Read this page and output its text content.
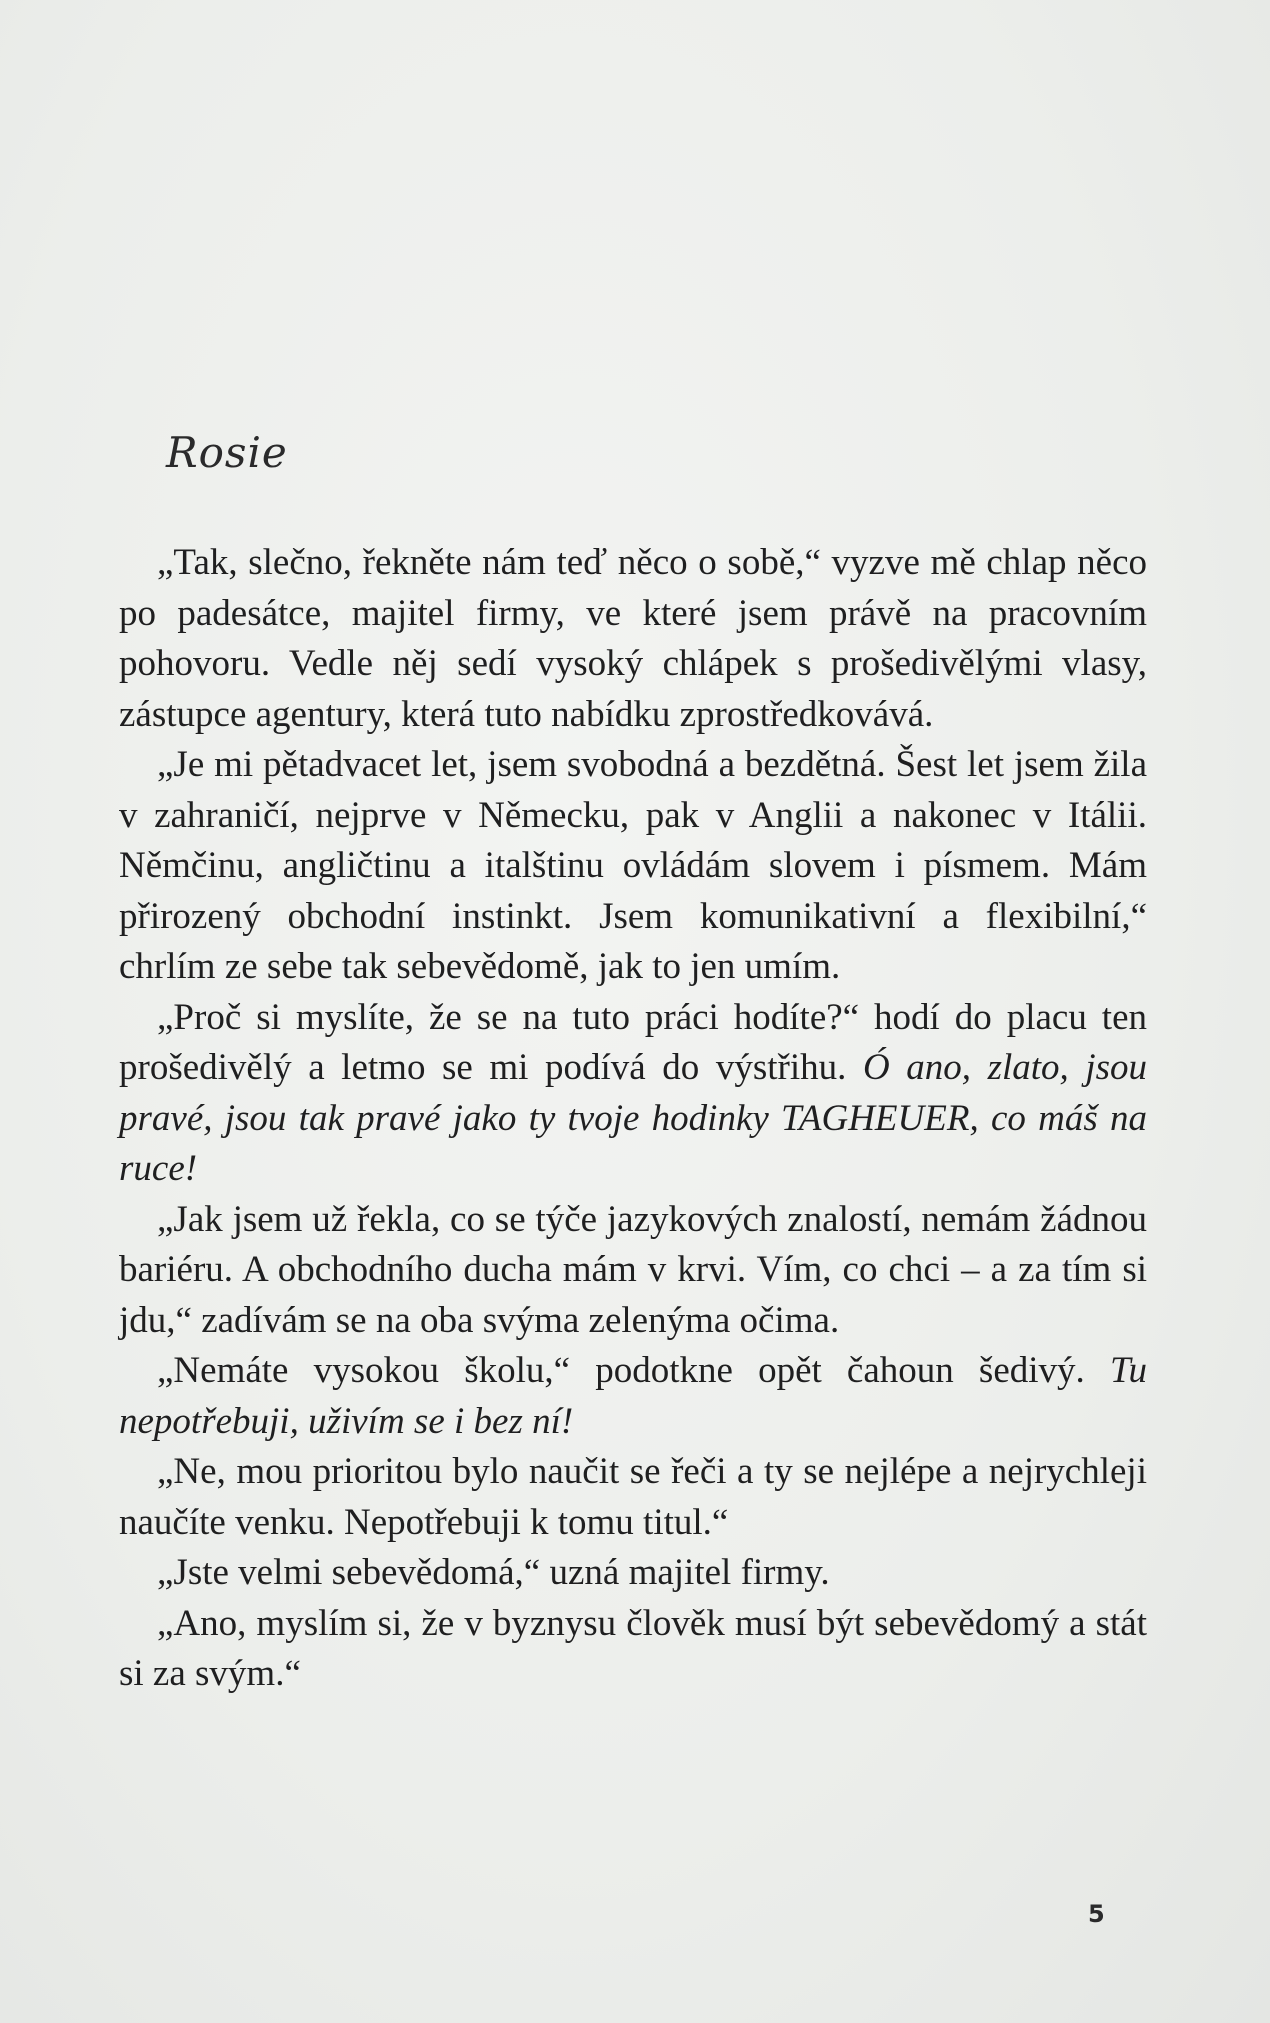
Rosie

„Tak, slečno, řekněte nám teď něco o sobě,“ vyzve mě chlap něco po padesátce, majitel firmy, ve které jsem právě na pracovním pohovoru. Vedle něj sedí vysoký chlápek s prošedivělými vlasy, zástupce agentury, která tuto nabídku zprostředkovává.

„Je mi pětadvacet let, jsem svobodná a bezdětná. Šest let jsem žila v zahraničí, nejprve v Německu, pak v Anglii a nakonec v Itálii. Němčinu, angličtinu a italštinu ovládám slovem i písmem. Mám přirozený obchodní instinkt. Jsem komunikativní a flexibilní,“ chrlím ze sebe tak sebevědomě, jak to jen umím.

„Proč si myslíte, že se na tuto práci hodíte?“ hodí do placu ten prošedivělý a letmo se mi podívá do výstřihu. Ó ano, zlato, jsou pravé, jsou tak pravé jako ty tvoje hodinky TAGHEUER, co máš na ruce!

„Jak jsem už řekla, co se týče jazykových znalostí, nemám žádnou bariéru. A obchodního ducha mám v krvi. Vím, co chci – a za tím si jdu,“ zadívám se na oba svýma zelenýma očima.

„Nemáte vysokou školu,“ podotkne opět čahoun šedivý. Tu nepotřebuji, uživím se i bez ní!

„Ne, mou prioritou bylo naučit se řeči a ty se nejlépe a nejrychleji naučíte venku. Nepotřebuji k tomu titul.“

„Jste velmi sebevědomá,“ uzná majitel firmy.

„Ano, myslím si, že v byznysu člověk musí být sebevědomý a stát si za svým.“

5
